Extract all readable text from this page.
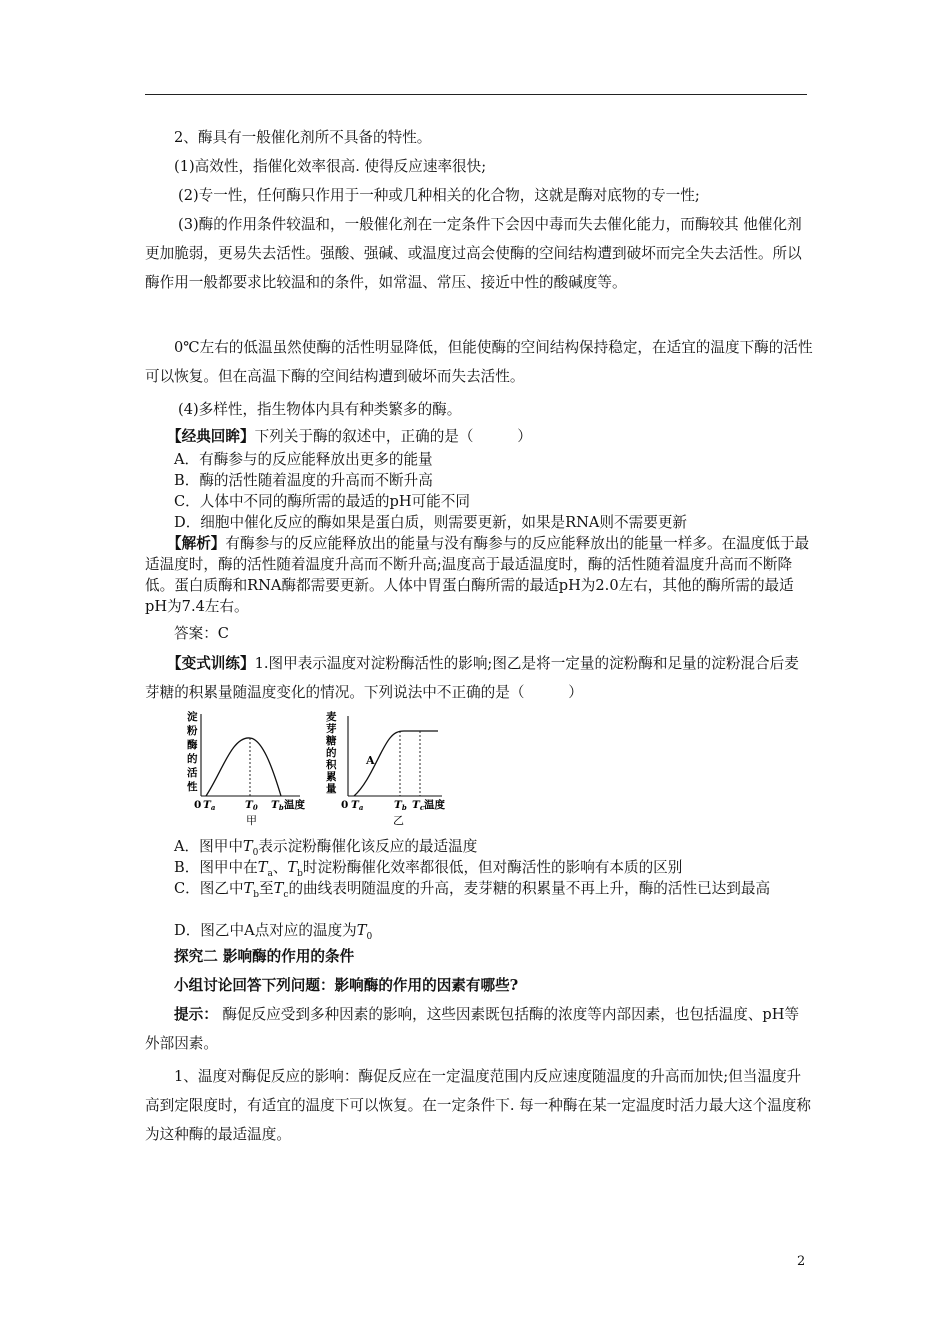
2、酶具有一般催化剂所不具备的特性。

(1)高效性，指催化效率很高. 使得反应速率很快;

(2)专一性，任何酶只作用于一种或几种相关的化合物，这就是酶对底物的专一性;

(3)酶的作用条件较温和，一般催化剂在一定条件下会因中毒而失去催化能力，而酶较其 他催化剂更加脆弱，更易失去活性。强酸、强碱、或温度过高会使酶的空间结构遭到破坏而完全失去活性。所以酶作用一般都要求比较温和的条件，如常温、常压、接近中性的酸碱度等。

0℃左右的低温虽然使酶的活性明显降低，但能使酶的空间结构保持稳定，在适宜的温度下酶的活性可以恢复。但在高温下酶的空间结构遭到破坏而失去活性。

(4)多样性，指生物体内具有种类繁多的酶。

【经典回眸】下列关于酶的叙述中，正确的是（　　　）

A．有酶参与的反应能释放出更多的能量

B．酶的活性随着温度的升高而不断升高

C．人体中不同的酶所需的最适的pH可能不同

D．细胞中催化反应的酶如果是蛋白质，则需要更新，如果是RNA则不需要更新

【解析】有酶参与的反应能释放出的能量与没有酶参与的反应能释放出的能量一样多。在温度低于最适温度时，酶的活性随着温度升高而不断升高;温度高于最适温度时，酶的活性随着温度升高而不断降低。蛋白质酶和RNA酶都需要更新。人体中胃蛋白酶所需的最适pH为2.0左右，其他的酶所需的最适pH为7.4左右。

答案：C

【变式训练】1.图甲表示温度对淀粉酶活性的影响;图乙是将一定量的淀粉酶和足量的淀粉混合后麦芽糖的积累量随温度变化的情况。下列说法中不正确的是（　　　）

淀
粉
酶
的
活
性
0 Ta	T0 Tb 温度
甲
麦
芽
糖
的
积
累
量
A
0 Ta	Tb Tc 温度
乙

A．图甲中$T_0$表示淀粉酶催化该反应的最适温度

B．图甲中在$T_a$、$T_b$时淀粉酶催化效率都很低，但对酶活性的影响有本质的区别

C．图乙中$T_b$至$T_c$的曲线表明随温度的升高，麦芽糖的积累量不再上升，酶的活性已达到最高

D．图乙中A点对应的温度为$T_0$

探究二 影响酶的作用的条件

小组讨论回答下列问题：影响酶的作用的因素有哪些?

提示： 酶促反应受到多种因素的影响，这些因素既包括酶的浓度等内部因素，也包括温度、pH等外部因素。

1、温度对酶促反应的影响：酶促反应在一定温度范围内反应速度随温度的升高而加快;但当温度升高到定限度时，有适宜的温度下可以恢复。在一定条件下. 每一种酶在某一定温度时活力最大这个温度称为这种酶的最适温度。

2
